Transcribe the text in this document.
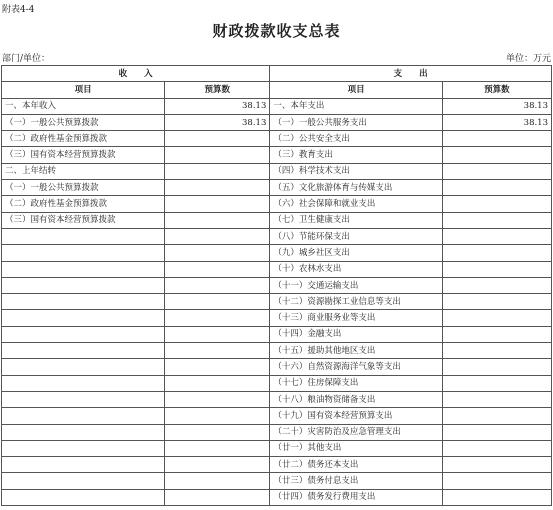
附表4-4
财政拨款收支总表
部门/单位：	单位：万元
收　　入		支　　出	
项目	预算数	项目	预算数
一、本年收入	38.13	一、本年支出	38.13
（一）一般公共预算拨款	38.13	（一）一般公共服务支出	38.13
（二）政府性基金预算拨款		（二）公共安全支出	
（三）国有资本经营预算拨款		（三）教育支出	
二、上年结转		（四）科学技术支出	
（一）一般公共预算拨款		（五）文化旅游体育与传媒支出	
（二）政府性基金预算拨款		（六）社会保障和就业支出	
（三）国有资本经营预算拨款		（七）卫生健康支出	
		（八）节能环保支出	
		（九）城乡社区支出	
		（十）农林水支出	
		（十一）交通运输支出	
		（十二）资源勘探工业信息等支出	
		（十三）商业服务业等支出	
		（十四）金融支出	
		（十五）援助其他地区支出	
		（十六）自然资源海洋气象等支出	
		（十七）住房保障支出	
		（十八）粮油物资储备支出	
		（十九）国有资本经营预算支出	
		（二十）灾害防治及应急管理支出	
		（廿一）其他支出	
		（廿二）债务还本支出	
		（廿三）债务付息支出	
		（廿四）债务发行费用支出	
